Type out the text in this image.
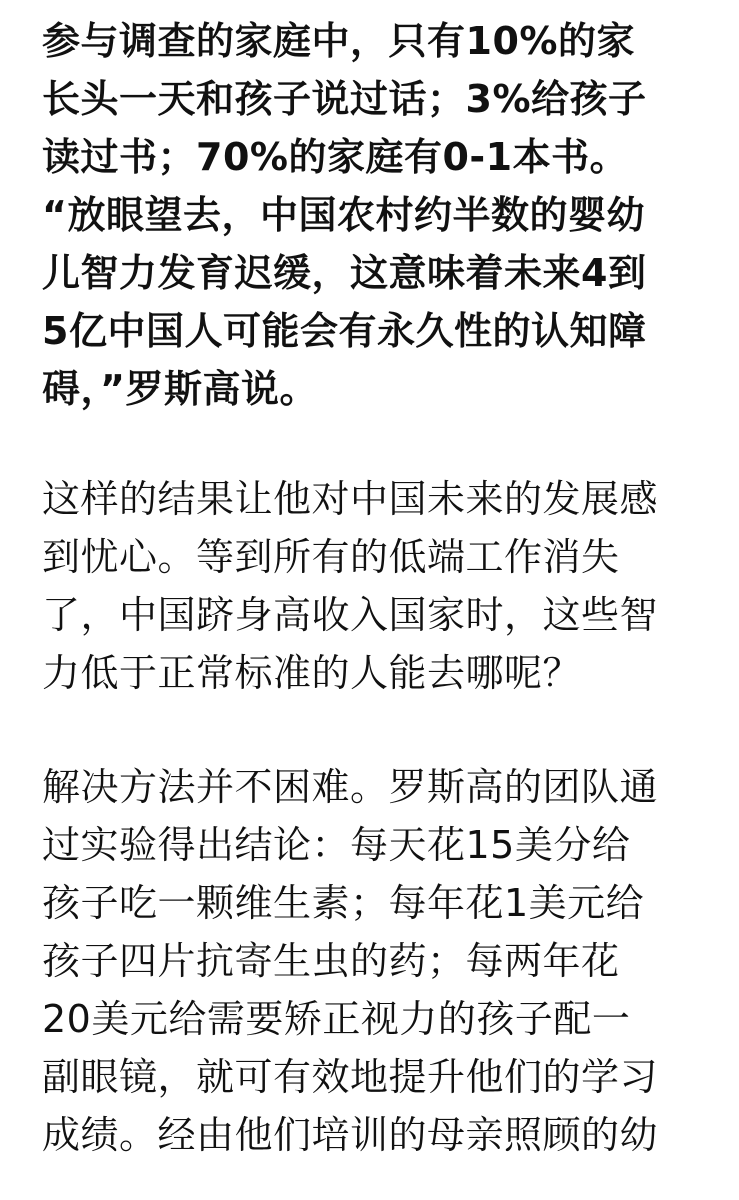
参与调查的家庭中，只有10%的家
长头一天和孩子说过话；3%给孩子
读过书；70%的家庭有0-1本书。
“放眼望去，中国农村约半数的婴幼
儿智力发育迟缓，这意味着未来4到
5亿中国人可能会有永久性的认知障
碍，”罗斯高说。
这样的结果让他对中国未来的发展感
到忧心。等到所有的低端工作消失
了，中国跻身高收入国家时，这些智
力低于正常标准的人能去哪呢？
解决方法并不困难。罗斯高的团队通
过实验得出结论：每天花15美分给
孩子吃一颗维生素；每年花1美元给
孩子四片抗寄生虫的药；每两年花
20美元给需要矫正视力的孩子配一
副眼镜，就可有效地提升他们的学习
成绩。经由他们培训的母亲照顾的幼
